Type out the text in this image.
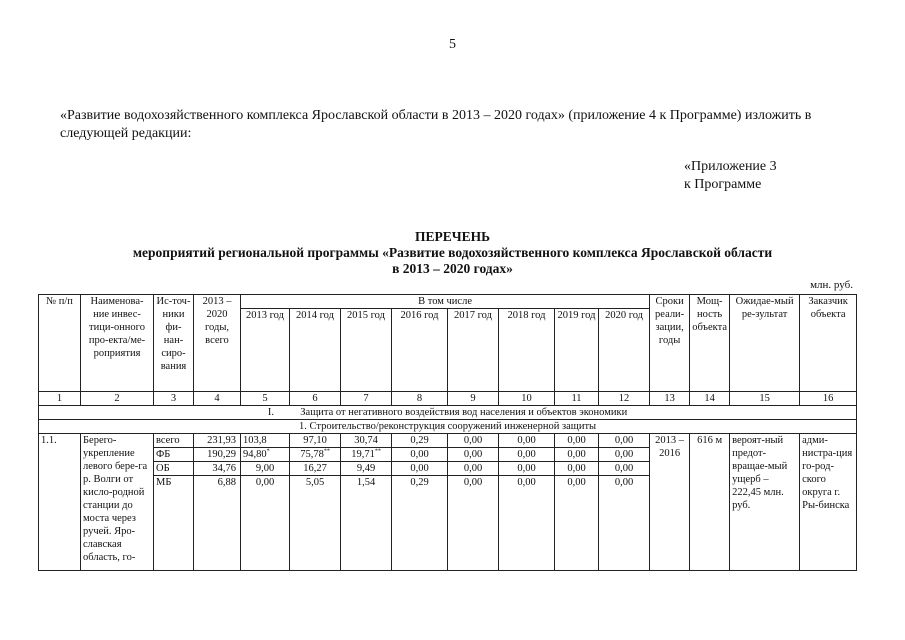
5
«Развитие водохозяйственного комплекса Ярославской области в 2013 – 2020 годах» (приложение 4 к Программе) изложить в следующей редакции:
«Приложение 3
к Программе
ПЕРЕЧЕНЬ
мероприятий региональной программы «Развитие водохозяйственного комплекса Ярославской области
в 2013 – 2020 годах»
млн. руб.
№ п/п	Наименова-ние инвес-тици-онного про-екта/ме-роприятия	Ис-точ-ники фи-нан-сиро-вания	2013 – 2020 годы, всего	В том числе								Сроки реали-зации, годы	Мощ-ность объекта	Ожидае-мый ре-зультат	Заказчик объекта
				2013 год	2014 год	2015 год	2016 год	2017 год	2018 год	2019 год	2020 год				
1	2	3	4	5	6	7	8	9	10	11	12	13	14	15	16
I. Защита от негативного воздействия вод населения и объектов экономики															
1. Строительство/реконструкция сооружений инженерной защиты															
1.1.	Берего-укрепление левого бере-га р. Волги от кисло-родной станции до моста через ручей. Яро-славская область, го-	всего	231,93	103,8	97,10	30,74	0,29	0,00	0,00	0,00	0,00	2013 – 2016	616 м	вероят-ный предот-вращае-мый ущерб – 222,45 млн. руб.	адми-нистра-ция го-род-ского округа г. Ры-бинска
		ФБ	190,29	94,80*	75,78**	19,71**	0,00	0,00	0,00	0,00	0,00				
		ОБ	34,76	9,00	16,27	9,49	0,00	0,00	0,00	0,00	0,00				
		МБ	6,88	0,00	5,05	1,54	0,29	0,00	0,00	0,00	0,00				
